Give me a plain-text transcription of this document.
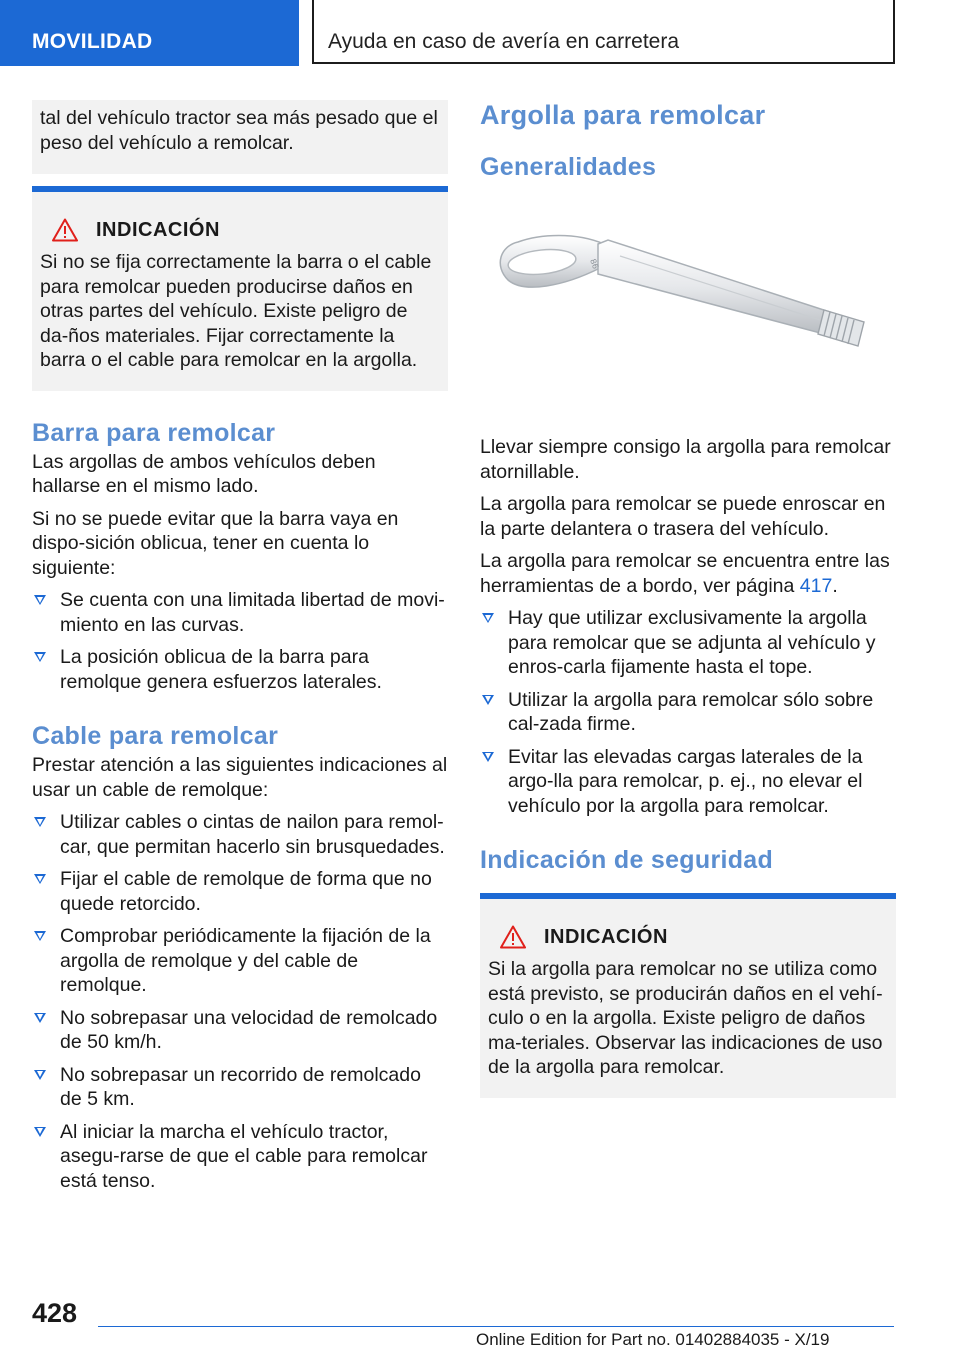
MOVILIDAD	Ayuda en caso de avería en carretera

tal del vehículo tractor sea más pesado que el peso del vehículo a remolcar.

INDICACIÓN

Si no se fija correctamente la barra o el cable para remolcar pueden producirse daños en otras partes del vehículo. Existe peligro de da-ños materiales. Fijar correctamente la barra o el cable para remolcar en la argolla.

Barra para remolcar

Las argollas de ambos vehículos deben hallarse en el mismo lado.

Si no se puede evitar que la barra vaya en dispo-sición oblicua, tener en cuenta lo siguiente:

Se cuenta con una limitada libertad de movi-miento en las curvas.
La posición oblicua de la barra para remolque genera esfuerzos laterales.
Cable para remolcar

Prestar atención a las siguientes indicaciones al usar un cable de remolque:

Utilizar cables o cintas de nailon para remol-car, que permitan hacerlo sin brusquedades.
Fijar el cable de remolque de forma que no quede retorcido.
Comprobar periódicamente la fijación de la argolla de remolque y del cable de remolque.
No sobrepasar una velocidad de remolcado de 50 km/h.
No sobrepasar un recorrido de remolcado de 5 km.
Al iniciar la marcha el vehículo tractor, asegu-rarse de que el cable para remolcar está tenso.
Argolla para remolcar
Generalidades
86

Llevar siempre consigo la argolla para remolcar atornillable.

La argolla para remolcar se puede enroscar en la parte delantera o trasera del vehículo.

La argolla para remolcar se encuentra entre las herramientas de a bordo, ver página 417.

Hay que utilizar exclusivamente la argolla para remolcar que se adjunta al vehículo y enros-carla fijamente hasta el tope.
Utilizar la argolla para remolcar sólo sobre cal-zada firme.
Evitar las elevadas cargas laterales de la argo-lla para remolcar, p. ej., no elevar el vehículo por la argolla para remolcar.
Indicación de seguridad
INDICACIÓN

Si la argolla para remolcar no se utiliza como está previsto, se producirán daños en el vehí-culo o en la argolla. Existe peligro de daños ma-teriales. Observar las indicaciones de uso de la argolla para remolcar.

428
Online Edition for Part no. 01402884035 - X/19
